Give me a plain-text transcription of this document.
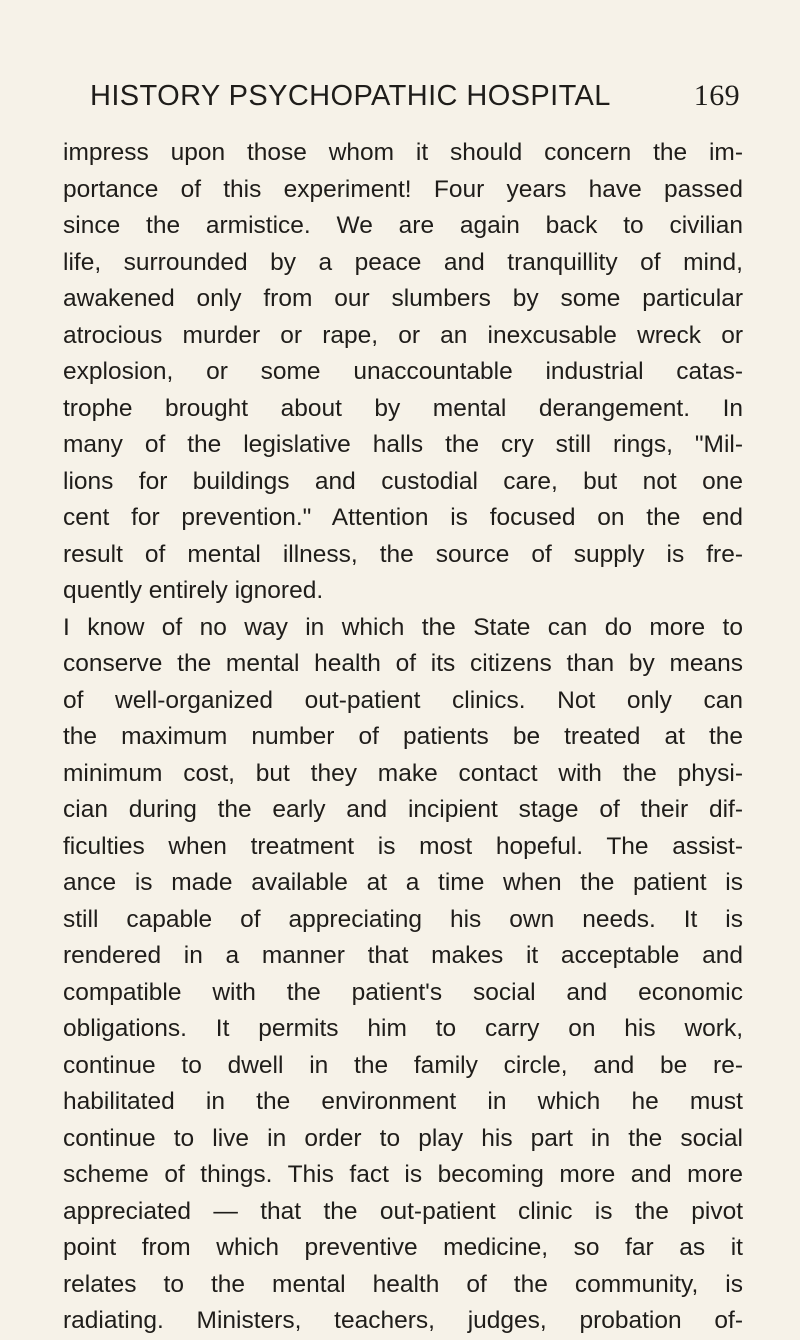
HISTORY PSYCHOPATHIC HOSPITAL	169
impress upon those whom it should concern the im-
portance of this experiment! Four years have passed
since the armistice. We are again back to civilian
life, surrounded by a peace and tranquillity of mind,
awakened only from our slumbers by some particular
atrocious murder or rape, or an inexcusable wreck or
explosion, or some unaccountable industrial catas-
trophe brought about by mental derangement. In
many of the legislative halls the cry still rings, "Mil-
lions for buildings and custodial care, but not one
cent for prevention." Attention is focused on the end
result of mental illness, the source of supply is fre-
quently entirely ignored.
I know of no way in which the State can do more to
conserve the mental health of its citizens than by means
of well-organized out-patient clinics. Not only can
the maximum number of patients be treated at the
minimum cost, but they make contact with the physi-
cian during the early and incipient stage of their dif-
ficulties when treatment is most hopeful. The assist-
ance is made available at a time when the patient is
still capable of appreciating his own needs. It is
rendered in a manner that makes it acceptable and
compatible with the patient's social and economic
obligations. It permits him to carry on his work,
continue to dwell in the family circle, and be re-
habilitated in the environment in which he must
continue to live in order to play his part in the social
scheme of things. This fact is becoming more and more
appreciated — that the out-patient clinic is the pivot
point from which preventive medicine, so far as it
relates to the mental health of the community, is
radiating. Ministers, teachers, judges, probation of-
